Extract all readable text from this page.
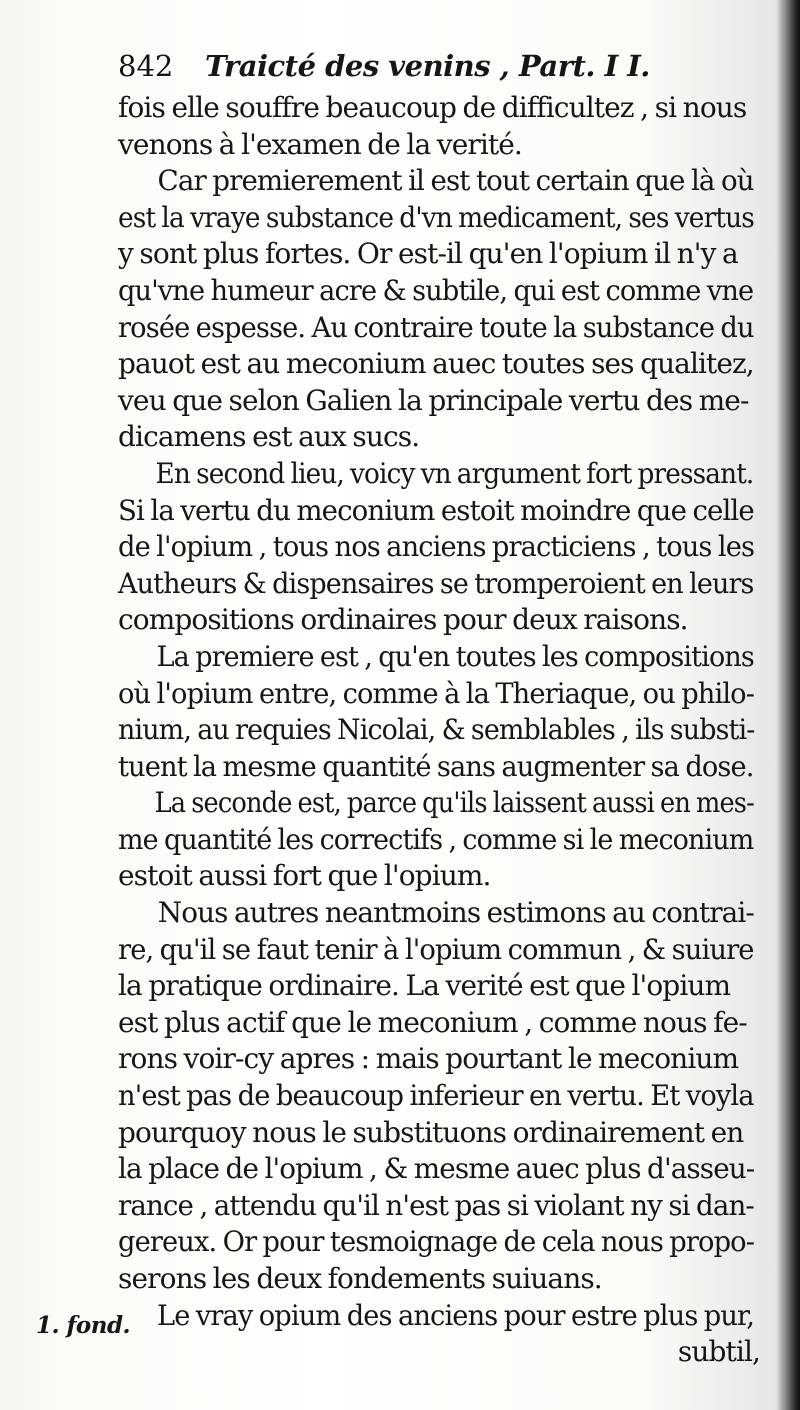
842 Traicté des venins , Part. I I.
fois elle souffre beaucoup de difficultez , si nous
venons à l'examen de la verité.
Car premierement il est tout certain que là où
est la vraye substance d'vn medicament, ses vertus
y sont plus fortes. Or est-il qu'en l'opium il n'y a
qu'vne humeur acre & subtile, qui est comme vne
rosée espesse. Au contraire toute la substance du
pauot est au meconium auec toutes ses qualitez,
veu que selon Galien la principale vertu des me-
dicamens est aux sucs.
En second lieu, voicy vn argument fort pressant.
Si la vertu du meconium estoit moindre que celle
de l'opium , tous nos anciens practiciens , tous les
Autheurs & dispensaires se tromperoient en leurs
compositions ordinaires pour deux raisons.
La premiere est , qu'en toutes les compositions
où l'opium entre, comme à la Theriaque, ou philo-
nium, au requies Nicolai, & semblables , ils substi-
tuent la mesme quantité sans augmenter sa dose.
La seconde est, parce qu'ils laissent aussi en mes-
me quantité les correctifs , comme si le meconium
estoit aussi fort que l'opium.
Nous autres neantmoins estimons au contrai-
re, qu'il se faut tenir à l'opium commun , & suiure
la pratique ordinaire. La verité est que l'opium
est plus actif que le meconium , comme nous fe-
rons voir-cy apres : mais pourtant le meconium
n'est pas de beaucoup inferieur en vertu. Et voyla
pourquoy nous le substituons ordinairement en
la place de l'opium , & mesme auec plus d'asseu-
rance , attendu qu'il n'est pas si violant ny si dan-
gereux. Or pour tesmoignage de cela nous propo-
serons les deux fondements suiuans.
Le vray opium des anciens pour estre plus pur,
subtil,
1. fond.
